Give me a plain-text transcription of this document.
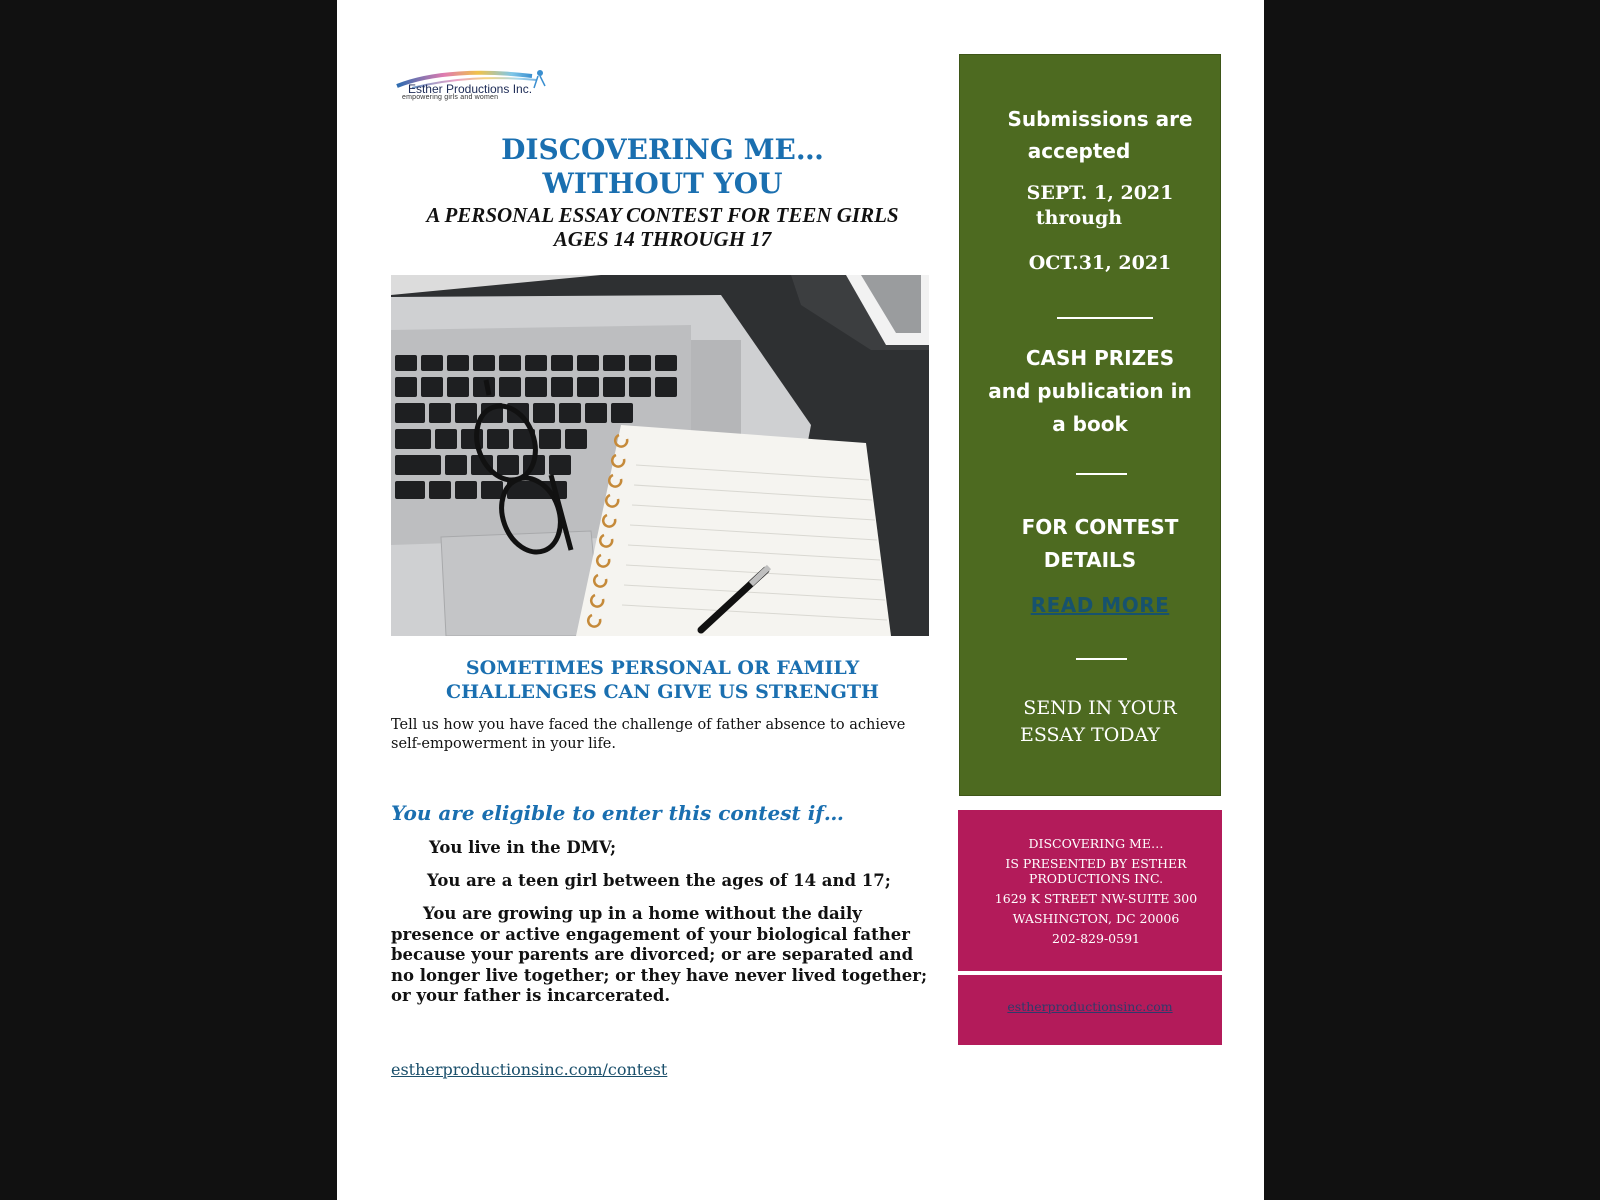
Esther Productions Inc.
empowering girls and women
DISCOVERING ME…
WITHOUT YOU
A PERSONAL ESSAY CONTEST FOR TEEN GIRLS
AGES 14 THROUGH 17
SOMETIMES PERSONAL OR FAMILY
CHALLENGES CAN GIVE US STRENGTH
Tell us how you have faced the challenge of father absence to achieve self-empowerment in your life.
You are eligible to enter this contest if…
You live in the DMV;
You are a teen girl between the ages of 14 and 17;
You are growing up in a home without the daily presence or active engagement of your biological father because your parents are divorced; or are separated and no longer live together; or they have never lived together; or your father is incarcerated.
estherproductionsinc.com/contest
Submissions are
accepted
SEPT. 1, 2021
through
OCT.31, 2021
CASH PRIZES
and publication in
a book
FOR CONTEST
DETAILS
READ MORE
SEND IN YOUR
ESSAY TODAY
DISCOVERING ME…
IS PRESENTED BY ESTHER
PRODUCTIONS INC.
1629 K STREET NW-SUITE 300
WASHINGTON, DC 20006
202-829-0591
estherproductionsinc.com
